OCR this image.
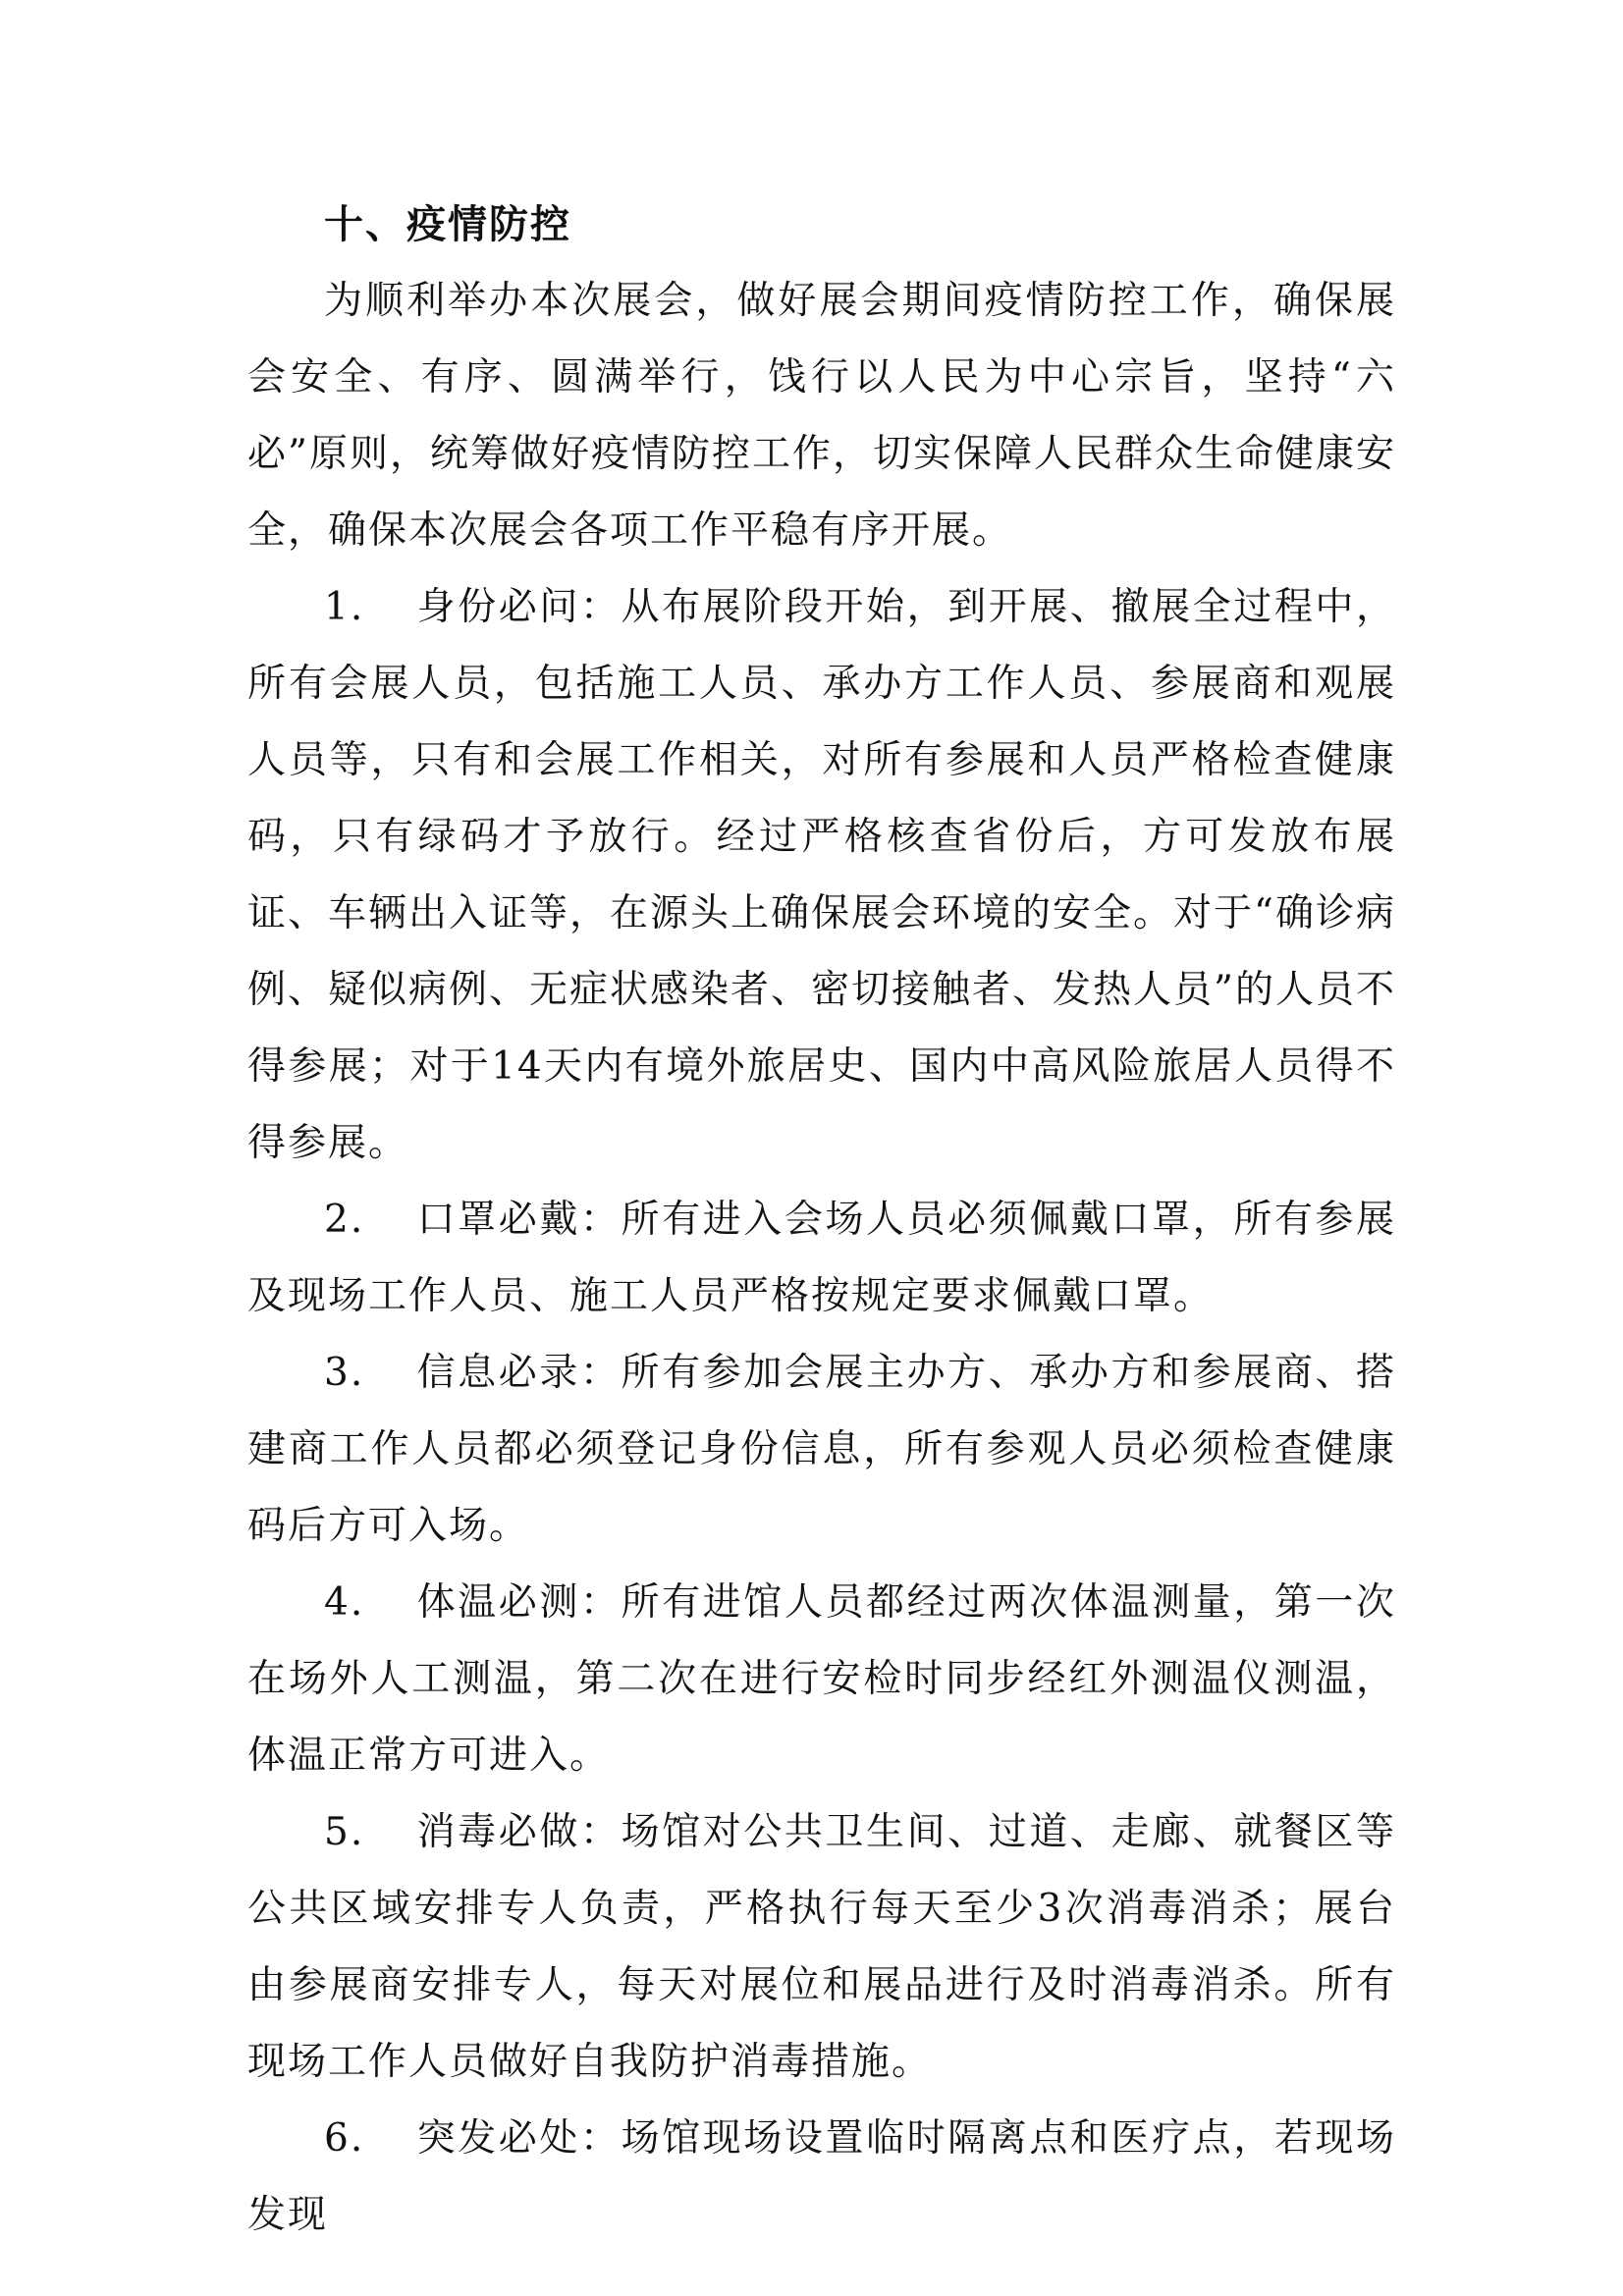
十、疫情防控

为顺利举办本次展会，做好展会期间疫情防控工作，确保展会安全、有序、圆满举行，饯行以人民为中心宗旨，坚持“六必”原则，统筹做好疫情防控工作，切实保障人民群众生命健康安全，确保本次展会各项工作平稳有序开展。

1. 身份必问：从布展阶段开始，到开展、撤展全过程中，所有会展人员，包括施工人员、承办方工作人员、参展商和观展人员等，只有和会展工作相关，对所有参展和人员严格检查健康码，只有绿码才予放行。经过严格核查省份后，方可发放布展证、车辆出入证等，在源头上确保展会环境的安全。对于“确诊病例、疑似病例、无症状感染者、密切接触者、发热人员”的人员不得参展；对于14天内有境外旅居史、国内中高风险旅居人员得不得参展。

2. 口罩必戴：所有进入会场人员必须佩戴口罩，所有参展及现场工作人员、施工人员严格按规定要求佩戴口罩。

3. 信息必录：所有参加会展主办方、承办方和参展商、搭建商工作人员都必须登记身份信息，所有参观人员必须检查健康码后方可入场。

4. 体温必测：所有进馆人员都经过两次体温测量，第一次在场外人工测温，第二次在进行安检时同步经红外测温仪测温，体温正常方可进入。

5. 消毒必做：场馆对公共卫生间、过道、走廊、就餐区等公共区域安排专人负责，严格执行每天至少3次消毒消杀；展台由参展商安排专人，每天对展位和展品进行及时消毒消杀。所有现场工作人员做好自我防护消毒措施。

6. 突发必处：场馆现场设置临时隔离点和医疗点，若现场发现
